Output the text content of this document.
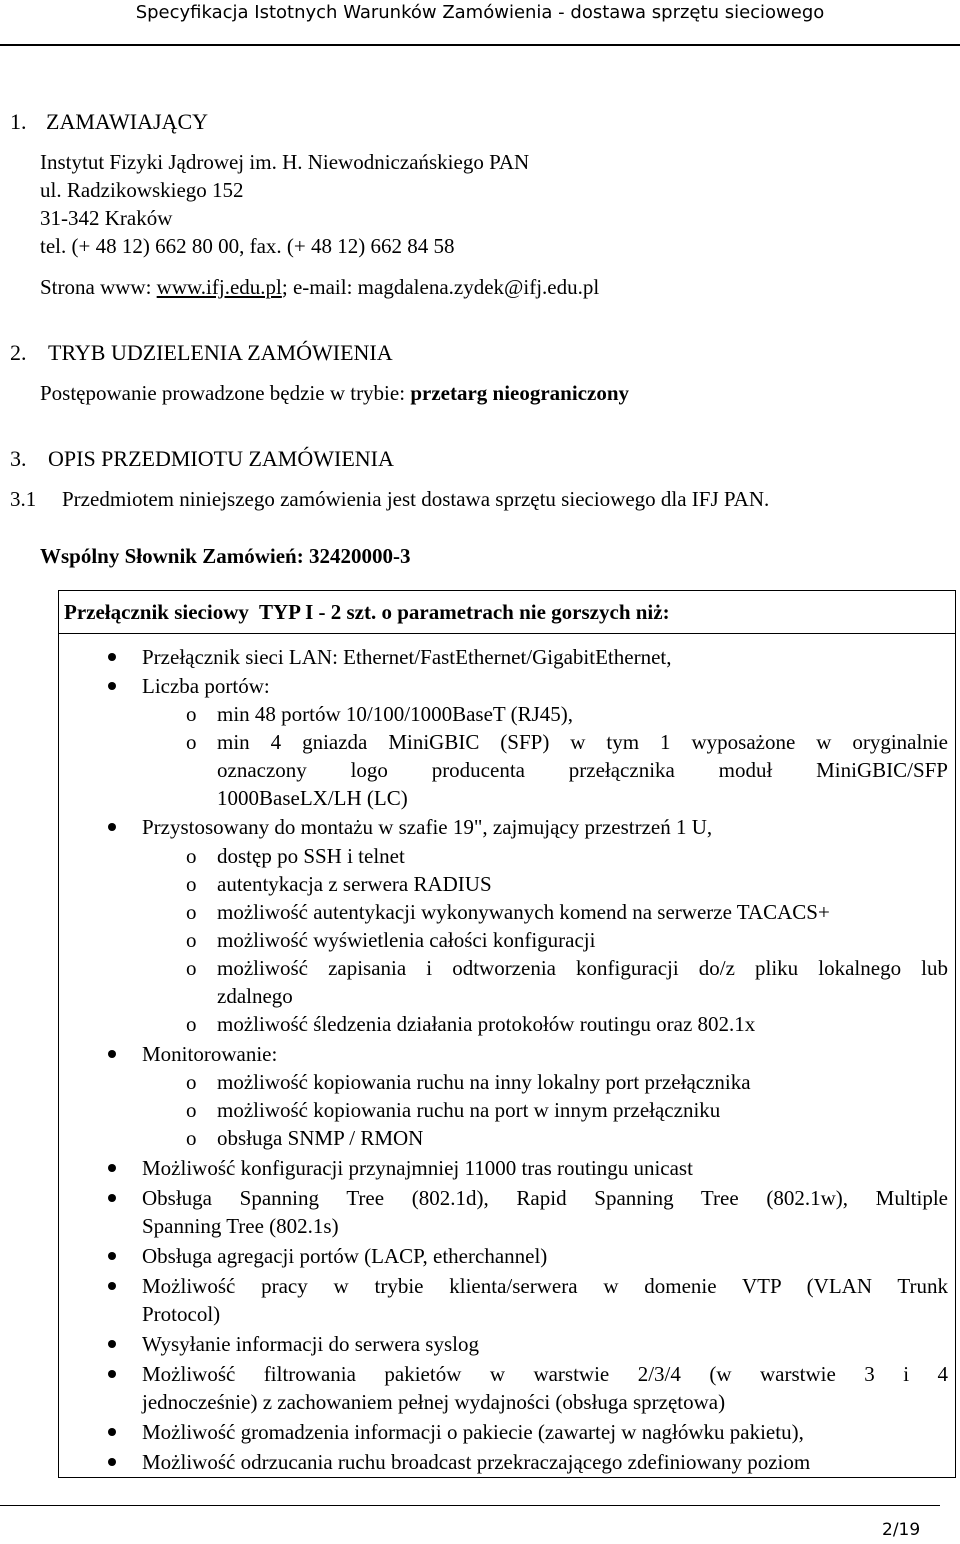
Specyfikacja Istotnych Warunków Zamówienia - dostawa sprzętu sieciowego
1. ZAMAWIAJĄCY
Instytut Fizyki Jądrowej im. H. Niewodniczańskiego PAN
ul. Radzikowskiego 152
31-342 Kraków
tel. (+ 48 12) 662 80 00, fax. (+ 48 12) 662 84 58
Strona www: www.ifj.edu.pl; e-mail: magdalena.zydek@ifj.edu.pl
2. TRYB UDZIELENIA ZAMÓWIENIA
Postępowanie prowadzone będzie w trybie: przetarg nieograniczony
3. OPIS PRZEDMIOTU ZAMÓWIENIA
3.1 Przedmiotem niniejszego zamówienia jest dostawa sprzętu sieciowego dla IFJ PAN.
Wspólny Słownik Zamówień: 32420000-3
Przełącznik sieciowy  TYP I - 2 szt. o parametrach nie gorszych niż:
Przełącznik sieci LAN: Ethernet/FastEthernet/GigabitEthernet,
Liczba portów:
o min 48 portów 10/100/1000BaseT (RJ45),
o min 4 gniazda MiniGBIC (SFP) w tym 1 wyposażone w oryginalnie
oznaczony logo producenta przełącznika moduł MiniGBIC/SFP
1000BaseLX/LH (LC)
Przystosowany do montażu w szafie 19", zajmujący przestrzeń 1 U,
o dostęp po SSH i telnet
o autentykacja z serwera RADIUS
o możliwość autentykacji wykonywanych komend na serwerze TACACS+
o możliwość wyświetlenia całości konfiguracji
o możliwość zapisania i odtworzenia konfiguracji do/z pliku lokalnego lub
zdalnego
o możliwość śledzenia działania protokołów routingu oraz 802.1x
Monitorowanie:
o możliwość kopiowania ruchu na inny lokalny port przełącznika
o możliwość kopiowania ruchu na port w innym przełączniku
o obsługa SNMP / RMON
Możliwość konfiguracji przynajmniej 11000 tras routingu unicast
Obsługa Spanning Tree (802.1d), Rapid Spanning Tree (802.1w), Multiple
Spanning Tree (802.1s)
Obsługa agregacji portów (LACP, etherchannel)
Możliwość pracy w trybie klienta/serwera w domenie VTP (VLAN Trunk
Protocol)
Wysyłanie informacji do serwera syslog
Możliwość filtrowania pakietów w warstwie 2/3/4 (w warstwie 3 i 4
jednocześnie) z zachowaniem pełnej wydajności (obsługa sprzętowa)
Możliwość gromadzenia informacji o pakiecie (zawartej w nagłówku pakietu),
Możliwość odrzucania ruchu broadcast przekraczającego zdefiniowany poziom
2/19
